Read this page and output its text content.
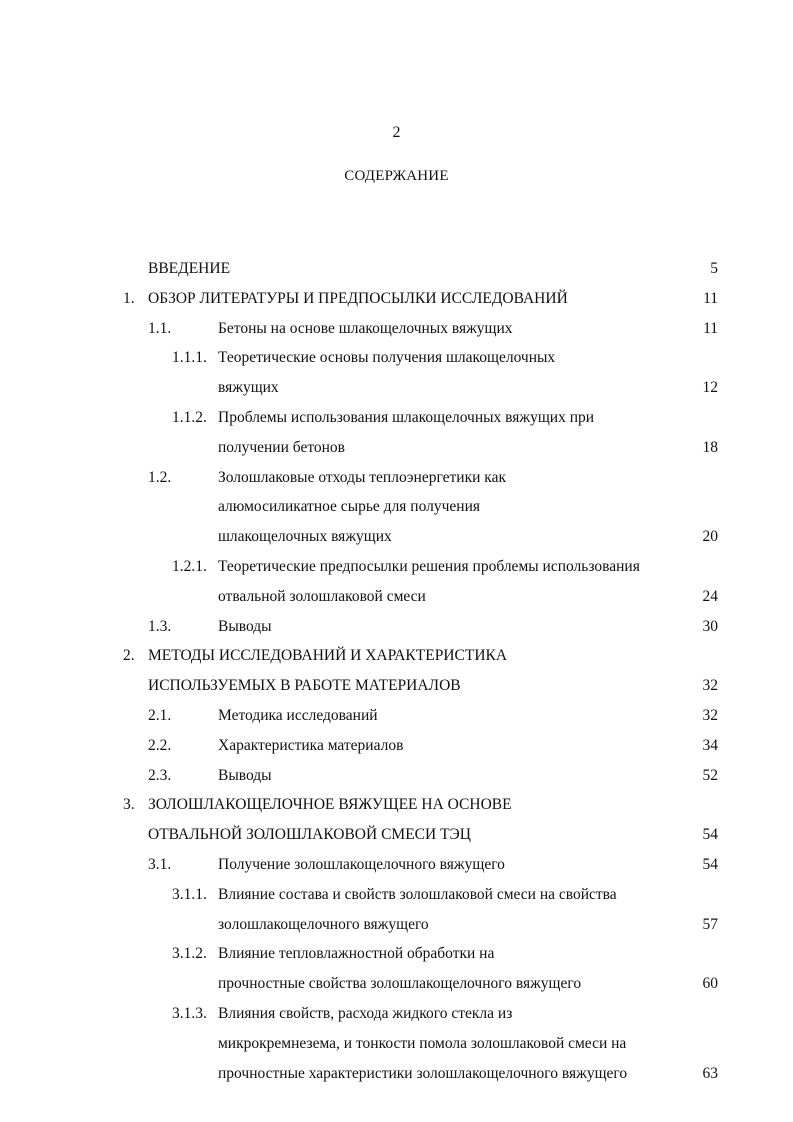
2
СОДЕРЖАНИЕ
ВВЕДЕНИЕ	5
1. ОБЗОР ЛИТЕРАТУРЫ И ПРЕДПОСЫЛКИ ИССЛЕДОВАНИЙ	11
1.1.	Бетоны на основе шлакощелочных вяжущих	11
1.1.1. Теоретические основы получения шлакощелочных
вяжущих	12
1.1.2. Проблемы использования шлакощелочных вяжущих при
получении бетонов	18
1.2.	Золошлаковые отходы теплоэнергетики как
алюмосиликатное сырье для получения
шлакощелочных вяжущих	20
1.2.1. Теоретические предпосылки решения проблемы использования
отвальной золошлаковой смеси	24
1.3.	Выводы	30
2. МЕТОДЫ ИССЛЕДОВАНИЙ И ХАРАКТЕРИСТИКА
ИСПОЛЬЗУЕМЫХ В РАБОТЕ МАТЕРИАЛОВ	32
2.1.	Методика исследований	32
2.2.	Характеристика материалов	34
2.3.	Выводы	52
3. ЗОЛОШЛАКОЩЕЛОЧНОЕ ВЯЖУЩЕЕ НА ОСНОВЕ
ОТВАЛЬНОЙ ЗОЛОШЛАКОВОЙ СМЕСИ ТЭЦ	54
3.1.	Получение золошлакощелочного вяжущего	54
3.1.1. Влияние состава и свойств золошлаковой смеси на свойства
золошлакощелочного вяжущего	57
3.1.2. Влияние тепловлажностной обработки на
прочностные свойства золошлакощелочного вяжущего	60
3.1.3. Влияния свойств, расхода жидкого стекла из
микрокремнезема, и тонкости помола золошлаковой смеси на
прочностные характеристики золошлакощелочного вяжущего	63
